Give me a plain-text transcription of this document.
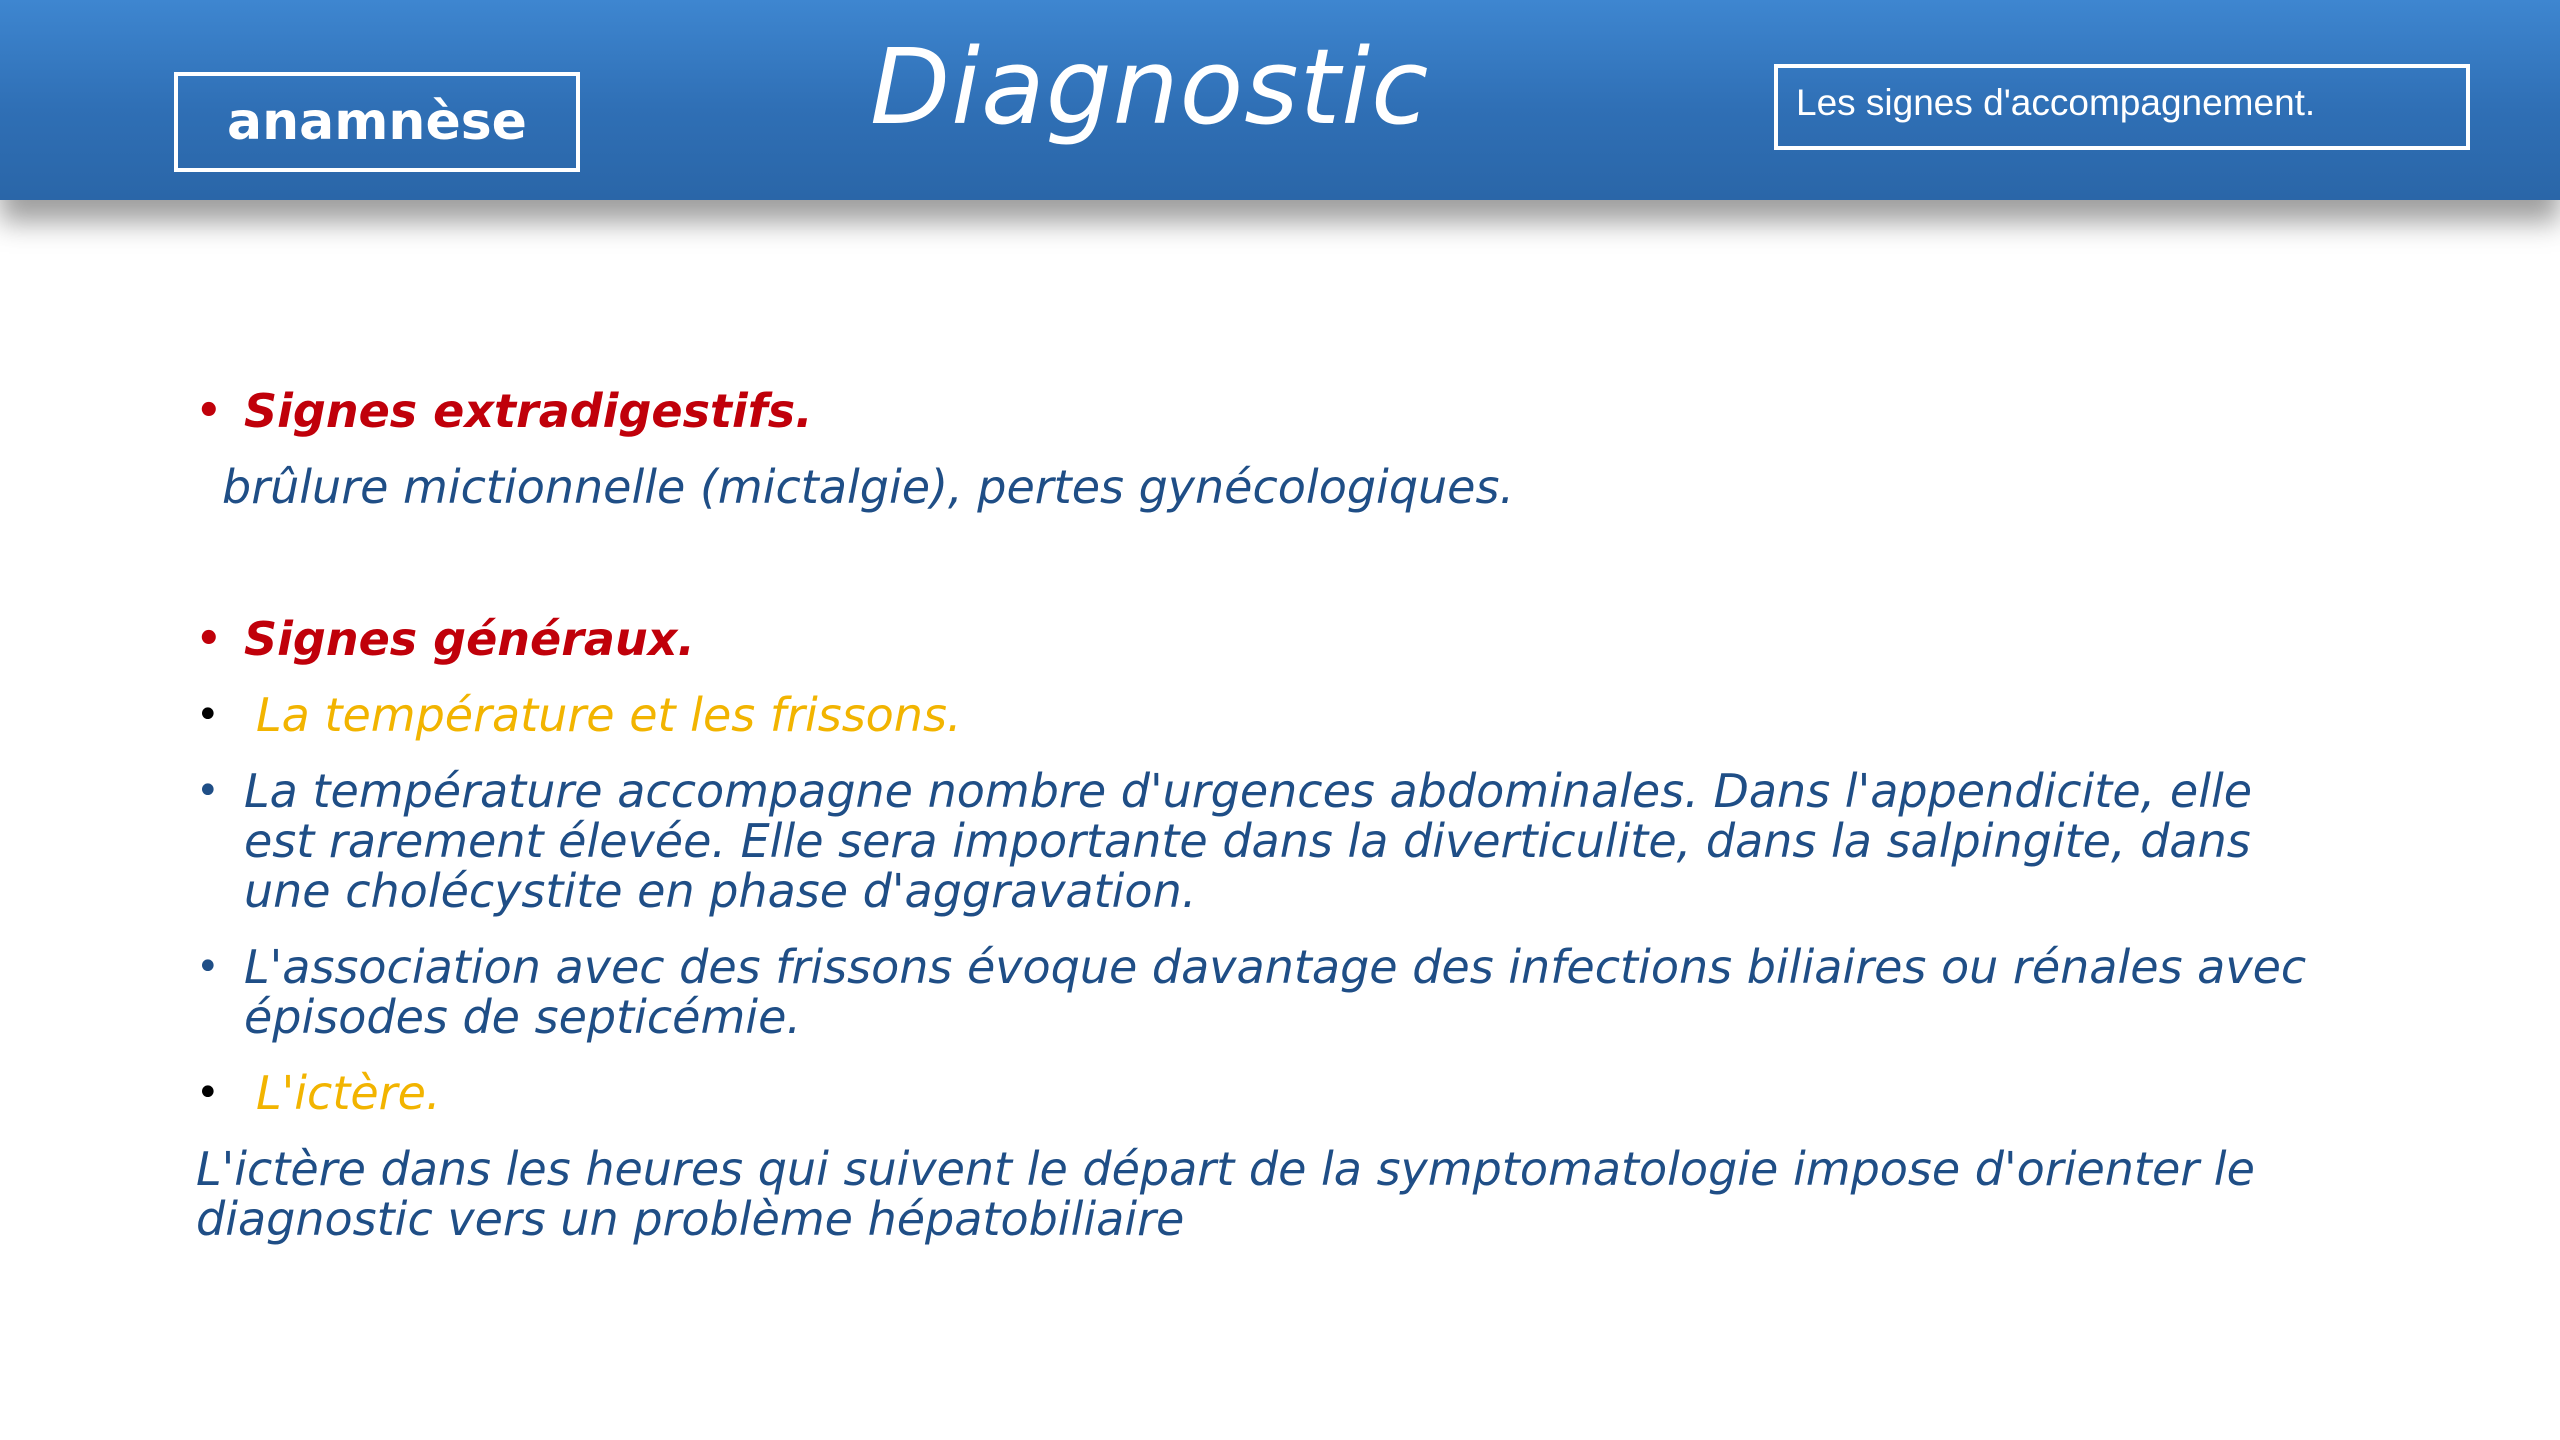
anamnèse	Diagnostic	Les signes d'accompagnement.
• Signes extradigestifs.
brûlure mictionnelle (mictalgie), pertes gynécologiques.
• Signes généraux.
• La température et les frissons.
• La température accompagne nombre d'urgences abdominales. Dans l'appendicite, elle
est rarement élevée. Elle sera importante dans la diverticulite, dans la salpingite, dans
une cholécystite en phase d'aggravation.
• L'association avec des frissons évoque davantage des infections biliaires ou rénales avec
épisodes de septicémie.
• L'ictère.
L'ictère dans les heures qui suivent le départ de la symptomatologie impose d'orienter le
diagnostic vers un problème hépatobiliaire
